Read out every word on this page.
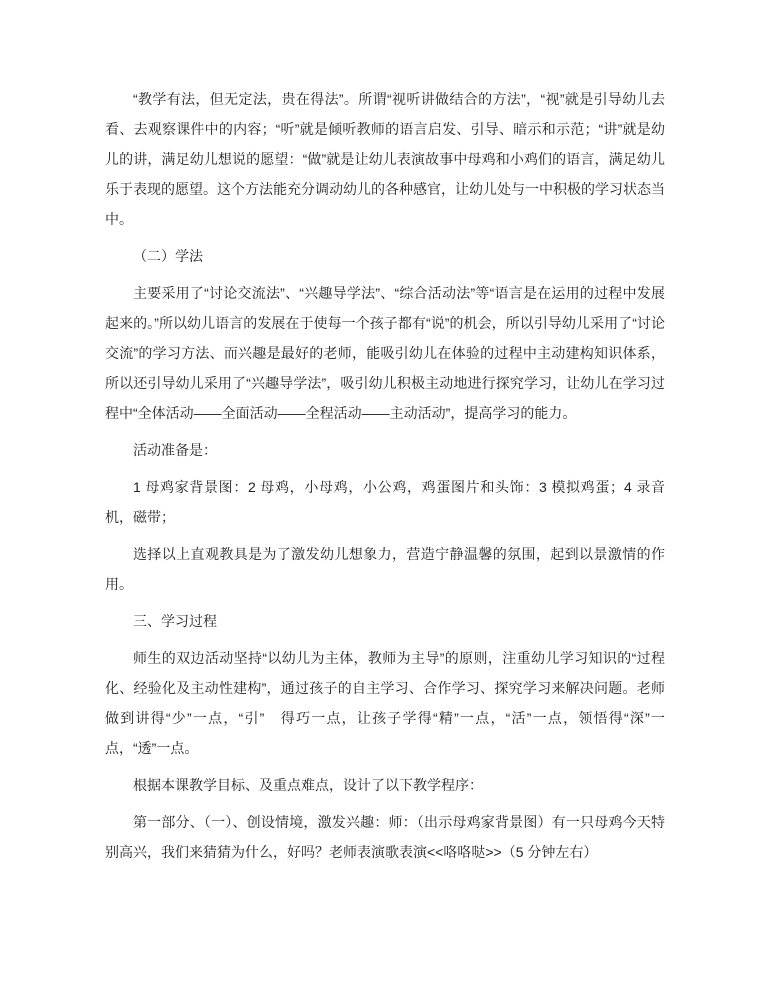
“教学有法，但无定法，贵在得法”。所谓“视听讲做结合的方法”，“视”就是引导幼儿去看、去观察课件中的内容；“听”就是倾听教师的语言启发、引导、暗示和示范；“讲”就是幼儿的讲，满足幼儿想说的愿望：“做”就是让幼儿表演故事中母鸡和小鸡们的语言，满足幼儿乐于表现的愿望。这个方法能充分调动幼儿的各种感官，让幼儿处与一中积极的学习状态当中。

（二）学法

主要采用了“讨论交流法”、“兴趣导学法”、“综合活动法”等“语言是在运用的过程中发展起来的。”所以幼儿语言的发展在于使每一个孩子都有“说”的机会，所以引导幼儿采用了“讨论交流”的学习方法、而兴趣是最好的老师，能吸引幼儿在体验的过程中主动建构知识体系，所以还引导幼儿采用了“兴趣导学法”，吸引幼儿积极主动地进行探究学习，让幼儿在学习过程中“全体活动——全面活动——全程活动——主动活动”，提高学习的能力。

活动准备是：

1 母鸡家背景图：2 母鸡，小母鸡，小公鸡，鸡蛋图片和头饰：3 模拟鸡蛋；4 录音机，磁带；

选择以上直观教具是为了激发幼儿想象力，营造宁静温馨的氛围，起到以景激情的作用。

三、学习过程

师生的双边活动坚持“以幼儿为主体，教师为主导”的原则，注重幼儿学习知识的“过程化、经验化及主动性建构”，通过孩子的自主学习、合作学习、探究学习来解决问题。老师做到讲得“少”一点，“引”　得巧一点，让孩子学得“精”一点，“活”一点，领悟得“深”一点，“透”一点。

根据本课教学目标、及重点难点，设计了以下教学程序：

第一部分、（一）、创设情境，激发兴趣：师：（出示母鸡家背景图）有一只母鸡今天特别高兴，我们来猜猜为什么，好吗？老师表演歌表演<<咯咯哒>>（5 分钟左右）
